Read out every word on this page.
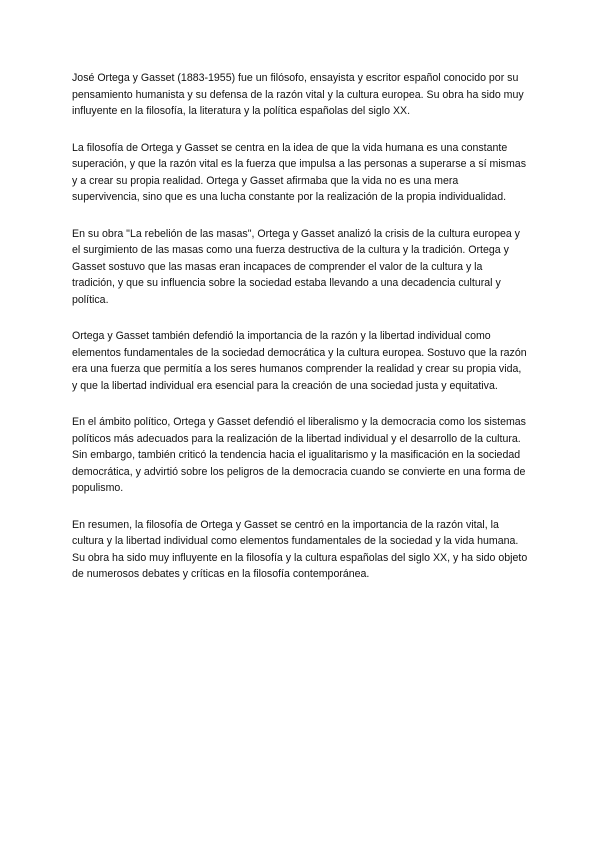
José Ortega y Gasset (1883-1955) fue un filósofo, ensayista y escritor español conocido por su pensamiento humanista y su defensa de la razón vital y la cultura europea. Su obra ha sido muy influyente en la filosofía, la literatura y la política españolas del siglo XX.

La filosofía de Ortega y Gasset se centra en la idea de que la vida humana es una constante superación, y que la razón vital es la fuerza que impulsa a las personas a superarse a sí mismas y a crear su propia realidad. Ortega y Gasset afirmaba que la vida no es una mera supervivencia, sino que es una lucha constante por la realización de la propia individualidad.

En su obra "La rebelión de las masas", Ortega y Gasset analizó la crisis de la cultura europea y el surgimiento de las masas como una fuerza destructiva de la cultura y la tradición. Ortega y Gasset sostuvo que las masas eran incapaces de comprender el valor de la cultura y la tradición, y que su influencia sobre la sociedad estaba llevando a una decadencia cultural y política.

Ortega y Gasset también defendió la importancia de la razón y la libertad individual como elementos fundamentales de la sociedad democrática y la cultura europea. Sostuvo que la razón era una fuerza que permitía a los seres humanos comprender la realidad y crear su propia vida, y que la libertad individual era esencial para la creación de una sociedad justa y equitativa.

En el ámbito político, Ortega y Gasset defendió el liberalismo y la democracia como los sistemas políticos más adecuados para la realización de la libertad individual y el desarrollo de la cultura. Sin embargo, también criticó la tendencia hacia el igualitarismo y la masificación en la sociedad democrática, y advirtió sobre los peligros de la democracia cuando se convierte en una forma de populismo.

En resumen, la filosofía de Ortega y Gasset se centró en la importancia de la razón vital, la cultura y la libertad individual como elementos fundamentales de la sociedad y la vida humana. Su obra ha sido muy influyente en la filosofía y la cultura españolas del siglo XX, y ha sido objeto de numerosos debates y críticas en la filosofía contemporánea.
